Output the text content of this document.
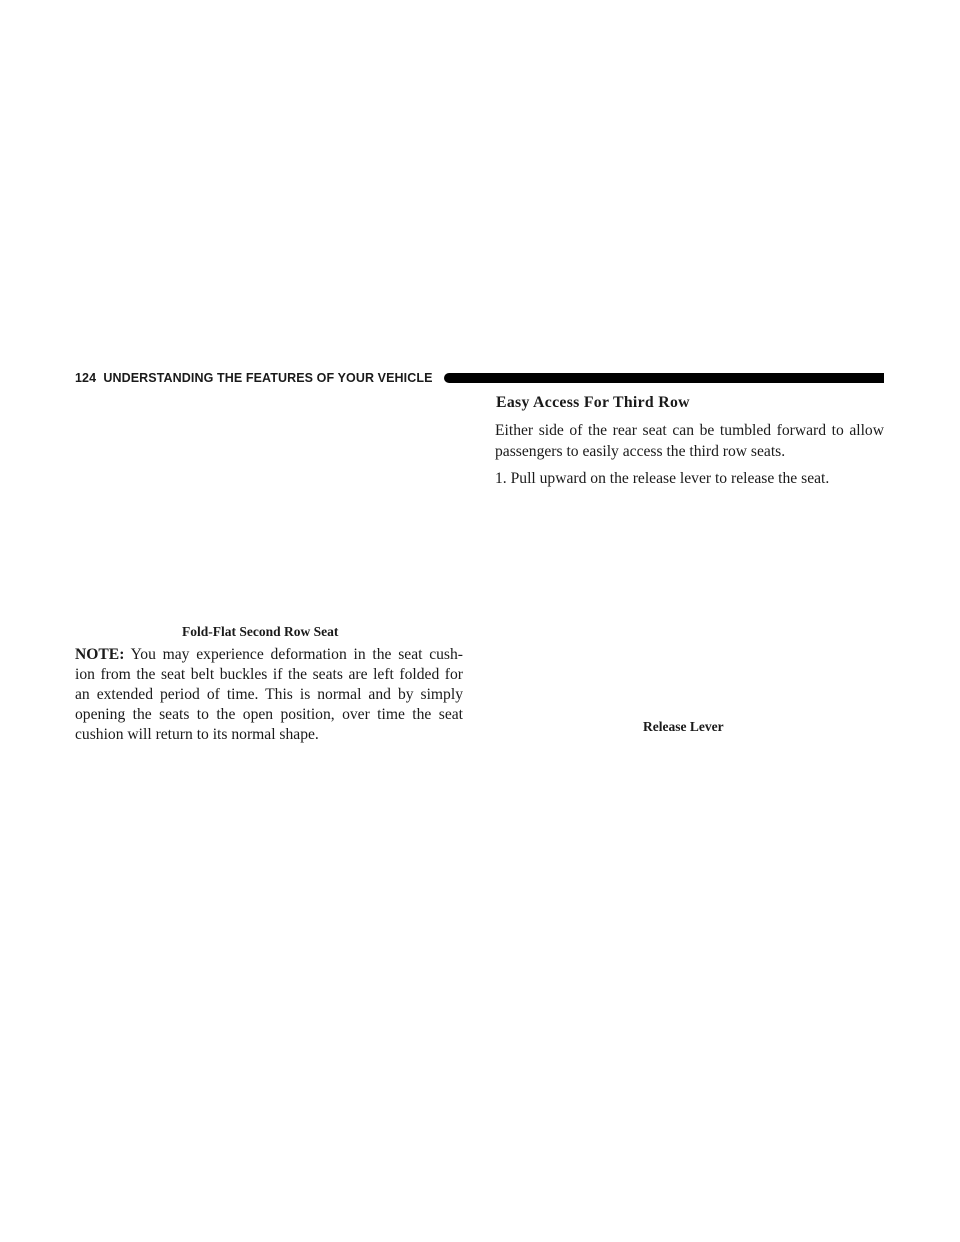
124 UNDERSTANDING THE FEATURES OF YOUR VEHICLE
Fold-Flat Second Row Seat
NOTE: You may experience deformation in the seat cush-
ion from the seat belt buckles if the seats are left folded for
an extended period of time. This is normal and by simply
opening the seats to the open position, over time the seat
cushion will return to its normal shape.
Easy Access For Third Row
Either side of the rear seat can be tumbled forward to allow
passengers to easily access the third row seats.
1. Pull upward on the release lever to release the seat.
Release Lever
